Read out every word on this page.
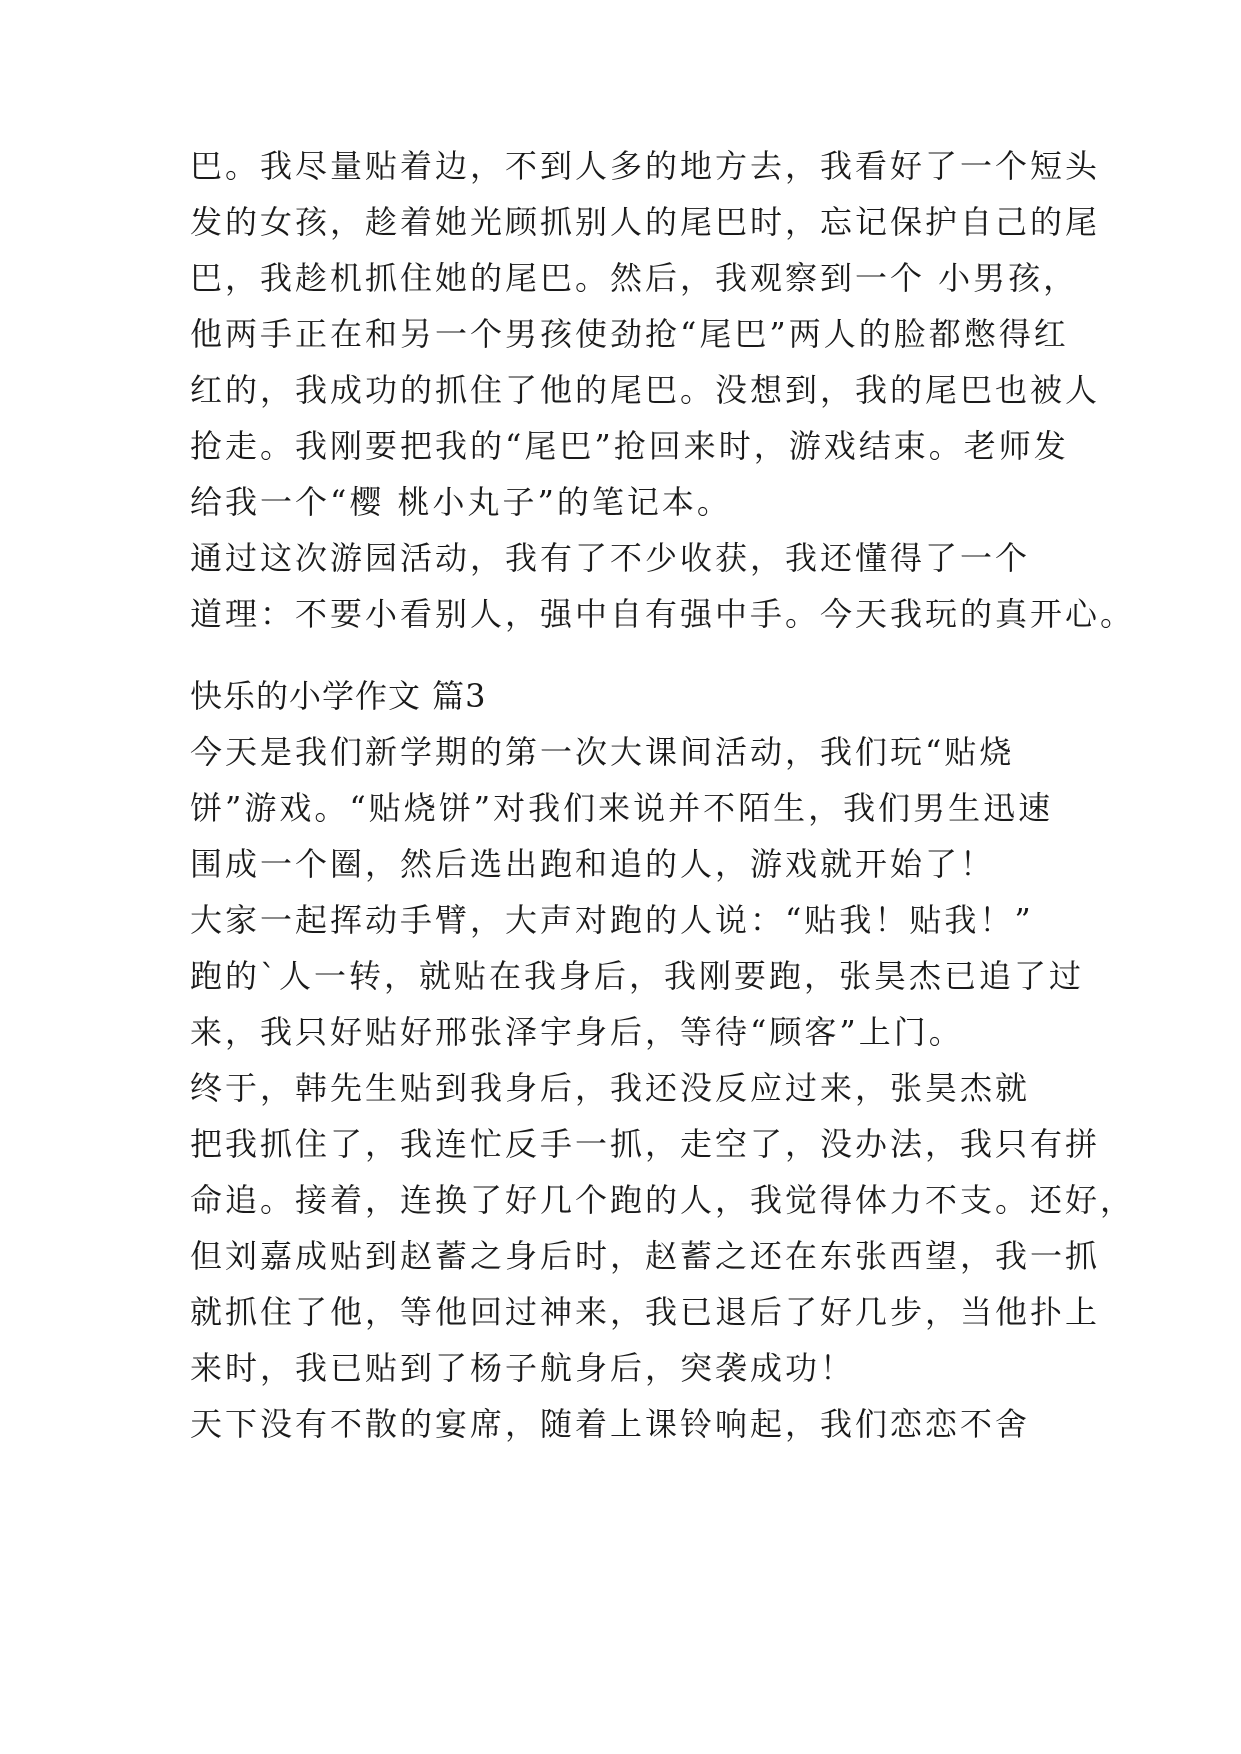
巴。我尽量贴着边，不到人多的地方去，我看好了一个短头
发的女孩，趁着她光顾抓别人的尾巴时，忘记保护自己的尾
巴，我趁机抓住她的尾巴。然后，我观察到一个 小男孩，
他两手正在和另一个男孩使劲抢“尾巴”两人的脸都憋得红
红的，我成功的抓住了他的尾巴。没想到，我的尾巴也被人
抢走。我刚要把我的“尾巴”抢回来时，游戏结束。老师发
给我一个“樱 桃小丸子”的笔记本。
通过这次游园活动，我有了不少收获，我还懂得了一个
道理：不要小看别人，强中自有强中手。今天我玩的真开心。
快乐的小学作文 篇3
今天是我们新学期的第一次大课间活动，我们玩“贴烧
饼”游戏。“贴烧饼”对我们来说并不陌生，我们男生迅速
围成一个圈，然后选出跑和追的人，游戏就开始了！
大家一起挥动手臂，大声对跑的人说：“贴我！贴我！”
跑的`人一转，就贴在我身后，我刚要跑，张昊杰已追了过
来，我只好贴好邢张泽宇身后，等待“顾客”上门。
终于，韩先生贴到我身后，我还没反应过来，张昊杰就
把我抓住了，我连忙反手一抓，走空了，没办法，我只有拼
命追。接着，连换了好几个跑的人，我觉得体力不支。还好，
但刘嘉成贴到赵蓄之身后时，赵蓄之还在东张西望，我一抓
就抓住了他，等他回过神来，我已退后了好几步，当他扑上
来时，我已贴到了杨子航身后，突袭成功！
天下没有不散的宴席，随着上课铃响起，我们恋恋不舍
